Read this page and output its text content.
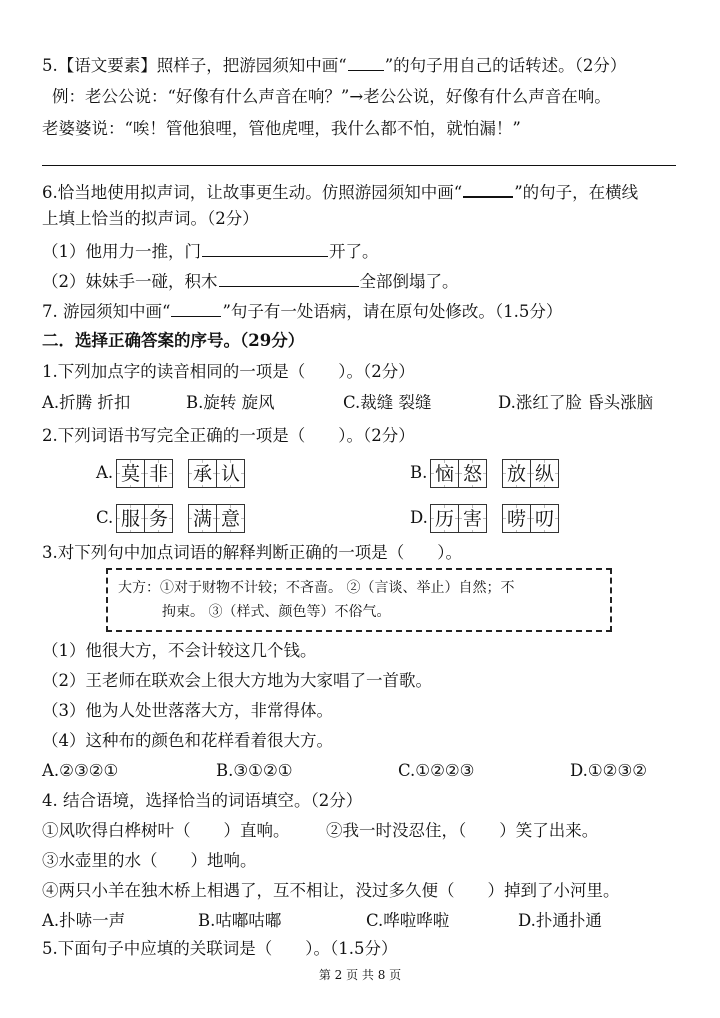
5.【语文要素】照样子，把游园须知中画“ ”的句子用自己的话转述。（2分）
例：老公公说：“好像有什么声音在响？”→老公公说，好像有什么声音在响。
老婆婆说：“唉！管他狼哩，管他虎哩，我什么都不怕，就怕漏！”
6.恰当地使用拟声词，让故事更生动。仿照游园须知中画“	”的句子，在横线
上填上恰当的拟声词。（2分）
（1）他用力一推，门	开了。
（2）妹妹手一碰，积木	全部倒塌了。
7. 游园须知中画“	”句子有一处语病，请在原句处修改。（1.5分）
二．选择正确答案的序号。（29分）
1.下列加点字的读音相同的一项是（　　）。（2分）
A.折腾 折扣	B.旋转 旋风	C.裁缝 裂缝	D.涨红了脸 昏头涨脑
2.下列词语书写完全正确的一项是（　　）。（2分）
A. 莫 非 承 认	B. 恼 怒 放 纵
C. 服 务 满 意	D. 历 害 唠 叨
3.对下列句中加点词语的解释判断正确的一项是（　　）。
大方：①对于财物不计较；不吝啬。 ②（言谈、举止）自然；不
拘束。 ③（样式、颜色等）不俗气。
（1）他很大方，不会计较这几个钱。
（2）王老师在联欢会上很大方地为大家唱了一首歌。
（3）他为人处世落落大方，非常得体。
（4）这种布的颜色和花样看着很大方。
A.②③②①	B.③①②①	C.①②②③	D.①②③②
4. 结合语境，选择恰当的词语填空。（2分）
①风吹得白桦树叶（　　）直响。 ②我一时没忍住，（　　）笑了出来。
③水壶里的水（　　）地响。
④两只小羊在独木桥上相遇了，互不相让，没过多久便（　　）掉到了小河里。
A.扑哧一声	B.咕嘟咕嘟	C.哗啦哗啦	D.扑通扑通
5.下面句子中应填的关联词是（　　）。（1.5分）
第 2 页 共 8 页
